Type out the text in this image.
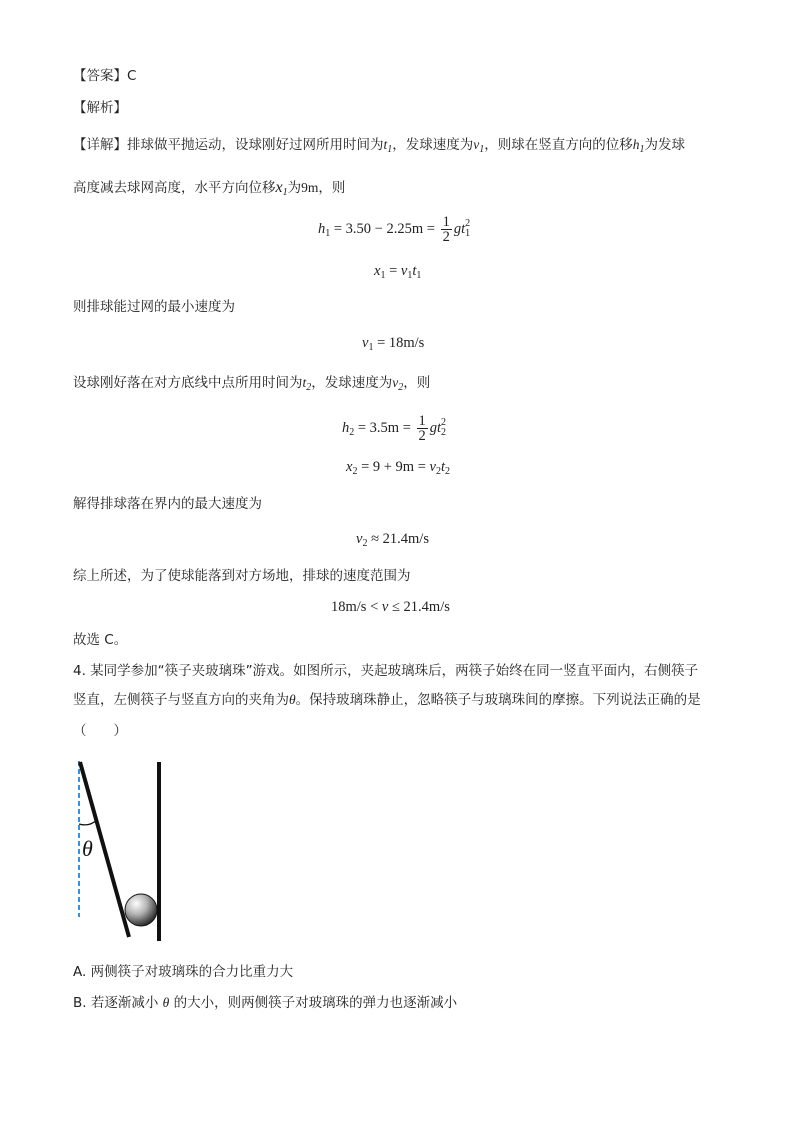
【答案】C
【解析】
【详解】排球做平抛运动，设球刚好过网所用时间为$t_1$，发球速度为$v_1$，则球在竖直方向的位移$h_1$为发球
高度减去球网高度，水平方向位移$x_1$为9m，则
$h_1 = 3.50 - 2.25m = \frac{1}{2} gt_1^2$
$x_1 = v_1t_1$
则排球能过网的最小速度为
$v_1 = 18m/s$
设球刚好落在对方底线中点所用时间为$t_2$，发球速度为$v_2$，则
$h_2 = 3.5m = \frac{1}{2} gt_2^2$
$x_2 = 9 + 9m = v_2t_2$
解得排球落在界内的最大速度为
$v_2 \approx 21.4m/s$
综上所述，为了使球能落到对方场地，排球的速度范围为
18m/s < v ≤ 21.4m/s
故选 C。
4. 某同学参加“筷子夹玻璃珠”游戏。如图所示，夹起玻璃珠后，两筷子始终在同一竖直平面内，右侧筷子
竖直，左侧筷子与竖直方向的夹角为θ。保持玻璃珠静止，忽略筷子与玻璃珠间的摩擦。下列说法正确的是
（　　）
θ
A. 两侧筷子对玻璃珠的合力比重力大
B. 若逐渐减小 θ 的大小，则两侧筷子对玻璃珠的弹力也逐渐减小
